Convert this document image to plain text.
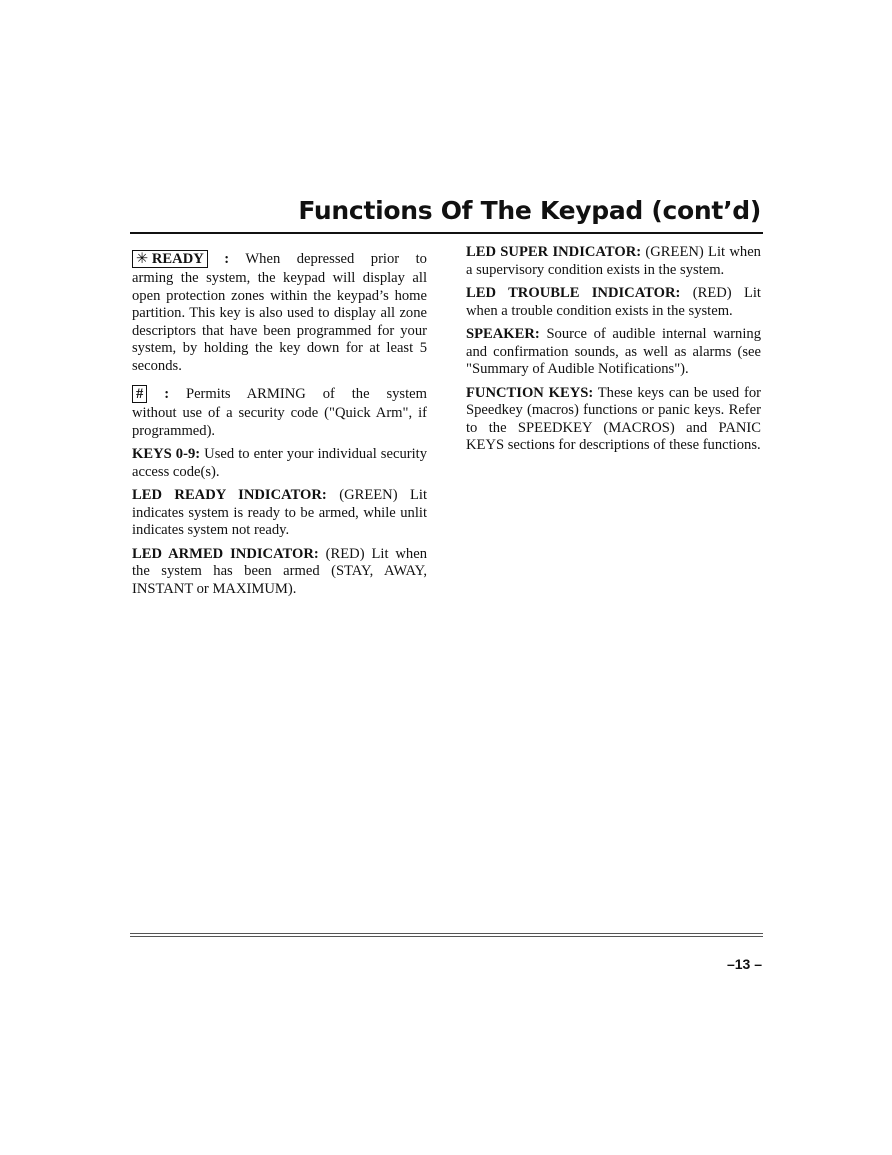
Functions Of The Keypad (cont’d)
✳ READY : When depressed prior to
arming the system, the keypad will display all open protection zones within the keypad’s home partition. This key is also used to display all zone descriptors that have been programmed for your system, by holding the key down for at least 5 seconds.
# : Permits ARMING of the system
without use of a security code ("Quick Arm", if programmed).
KEYS 0-9: Used to enter your individual security access code(s).
LED READY INDICATOR: (GREEN) Lit indicates system is ready to be armed, while unlit indicates system not ready.
LED ARMED INDICATOR: (RED) Lit when the system has been armed (STAY, AWAY, INSTANT or MAXIMUM).
LED SUPER INDICATOR: (GREEN) Lit when a supervisory condition exists in the system.
LED TROUBLE INDICATOR: (RED) Lit when a trouble condition exists in the system.
SPEAKER: Source of audible internal warning and confirmation sounds, as well as alarms (see "Summary of Audible Notifications").
FUNCTION KEYS: These keys can be used for Speedkey (macros) functions or panic keys. Refer to the SPEEDKEY (MACROS) and PANIC KEYS sections for descriptions of these functions.
–13 –
